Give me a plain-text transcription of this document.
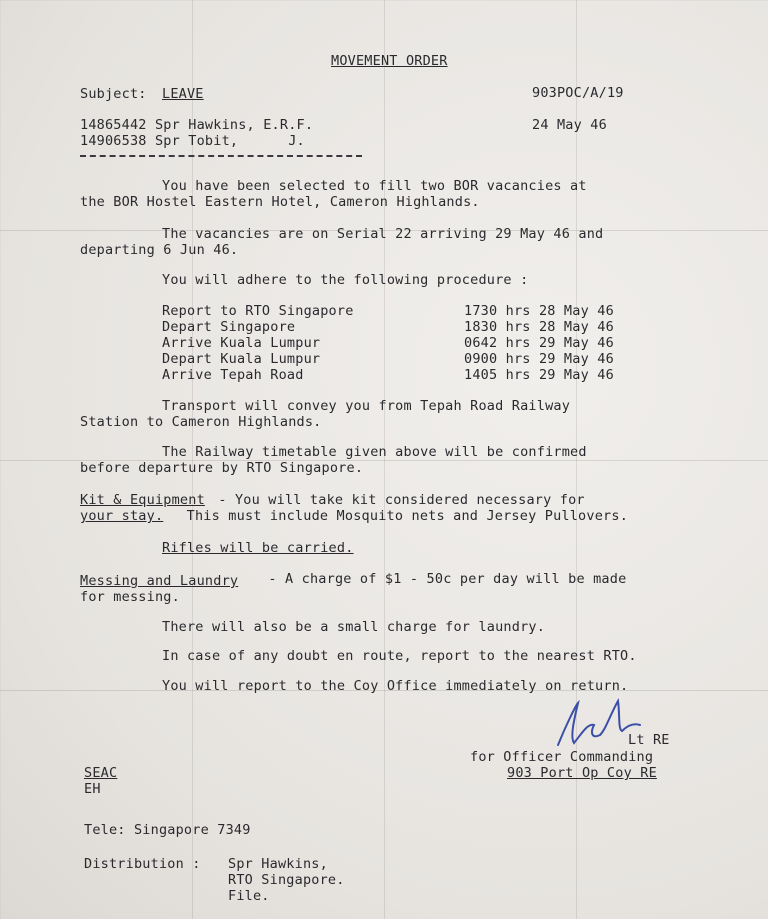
MOVEMENT ORDER
Subject: LEAVE	903POC/A/19
14865442 Spr Hawkins, E.R.F.
14906538 Spr Tobit,      J.
24 May 46
You have been selected to fill two BOR vacancies at
the BOR Hostel Eastern Hotel, Cameron Highlands.
The vacancies are on Serial 22 arriving 29 May 46 and
departing 6 Jun 46.
You will adhere to the following procedure :
Report to RTO Singapore	1730 hrs 28 May 46
Depart Singapore	1830 hrs 28 May 46
Arrive Kuala Lumpur	0642 hrs 29 May 46
Depart Kuala Lumpur	0900 hrs 29 May 46
Arrive Tepah Road	1405 hrs 29 May 46
Transport will convey you from Tepah Road Railway
Station to Cameron Highlands.
The Railway timetable given above will be confirmed
before departure by RTO Singapore.
Kit & Equipment - You will take kit considered necessary for
your stay. This must include Mosquito nets and Jersey Pullovers.
Rifles will be carried.
Messing and Laundry - A charge of $1 - 50c per day will be made
for messing.
There will also be a small charge for laundry.
In case of any doubt en route, report to the nearest RTO.
You will report to the Coy Office immediately on return.
Lt RE
for Officer Commanding
903 Port Op Coy RE
SEAC
EH
Tele: Singapore 7349
Distribution : Spr Hawkins,
RTO Singapore.
File.
